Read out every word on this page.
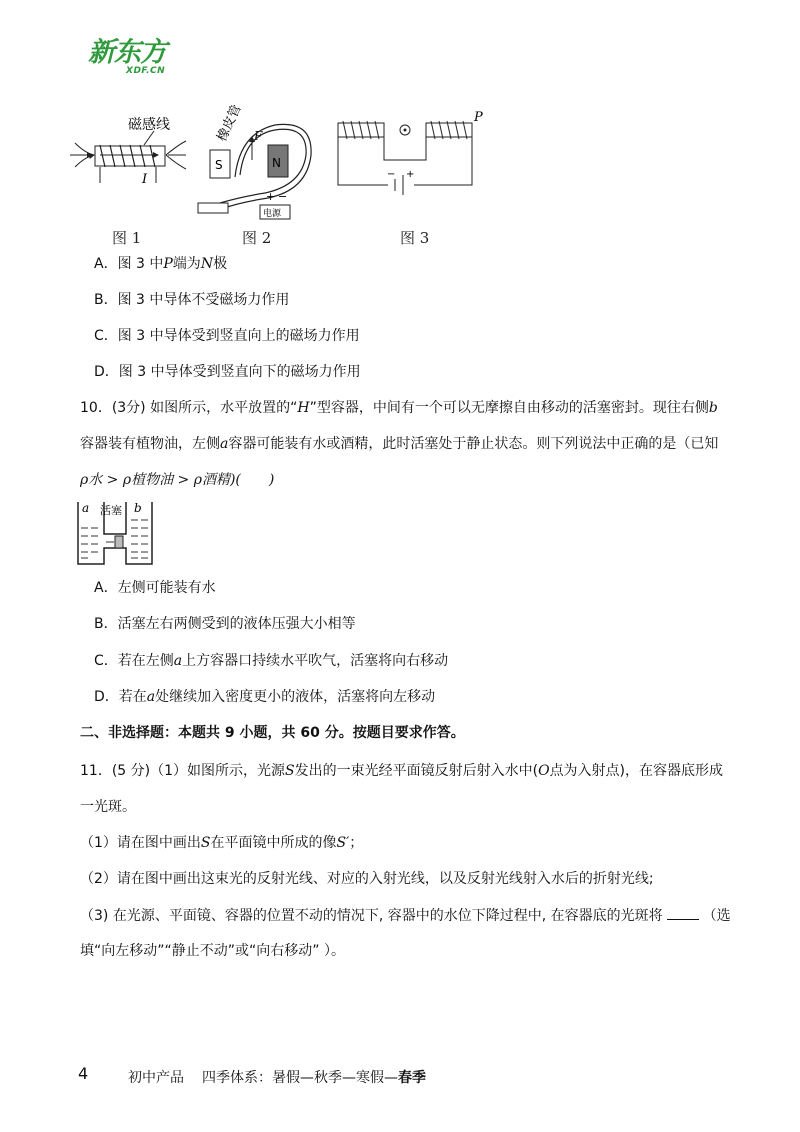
新东方
XDF.CN
磁感线
I
橡皮管 F
S	N
电源
+ −
P
− +
图 1	图 2	图 3
A．图 3 中P端为N极
B．图 3 中导体不受磁场力作用
C．图 3 中导体受到竖直向上的磁场力作用
D．图 3 中导体受到竖直向下的磁场力作用
10．(3分) 如图所示，水平放置的“H”型容器，中间有一个可以无摩擦自由移动的活塞密封。现往右侧b
容器装有植物油，左侧a容器可能装有水或酒精，此时活塞处于静止状态。则下列说法中正确的是（已知
ρ水 > ρ植物油 > ρ酒精)(　　)
a 活塞 b
A．左侧可能装有水
B．活塞左右两侧受到的液体压强大小相等
C．若在左侧a上方容器口持续水平吹气，活塞将向右移动
D．若在a处继续加入密度更小的液体，活塞将向左移动
二、非选择题：本题共 9 小题，共 60 分。按题目要求作答。
11．(5 分)（1）如图所示，光源S发出的一束光经平面镜反射后射入水中(O点为入射点)，在容器底形成
一光斑。
（1）请在图中画出S在平面镜中所成的像S′；
（2）请在图中画出这束光的反射光线、对应的入射光线，以及反射光线射入水后的折射光线;
（3) 在光源、平面镜、容器的位置不动的情况下, 容器中的水位下降过程中, 在容器底的光斑将	（选
填“向左移动”“静止不动”或“向右移动” ）。
4	初中产品 四季体系：暑假—秋季—寒假—春季
